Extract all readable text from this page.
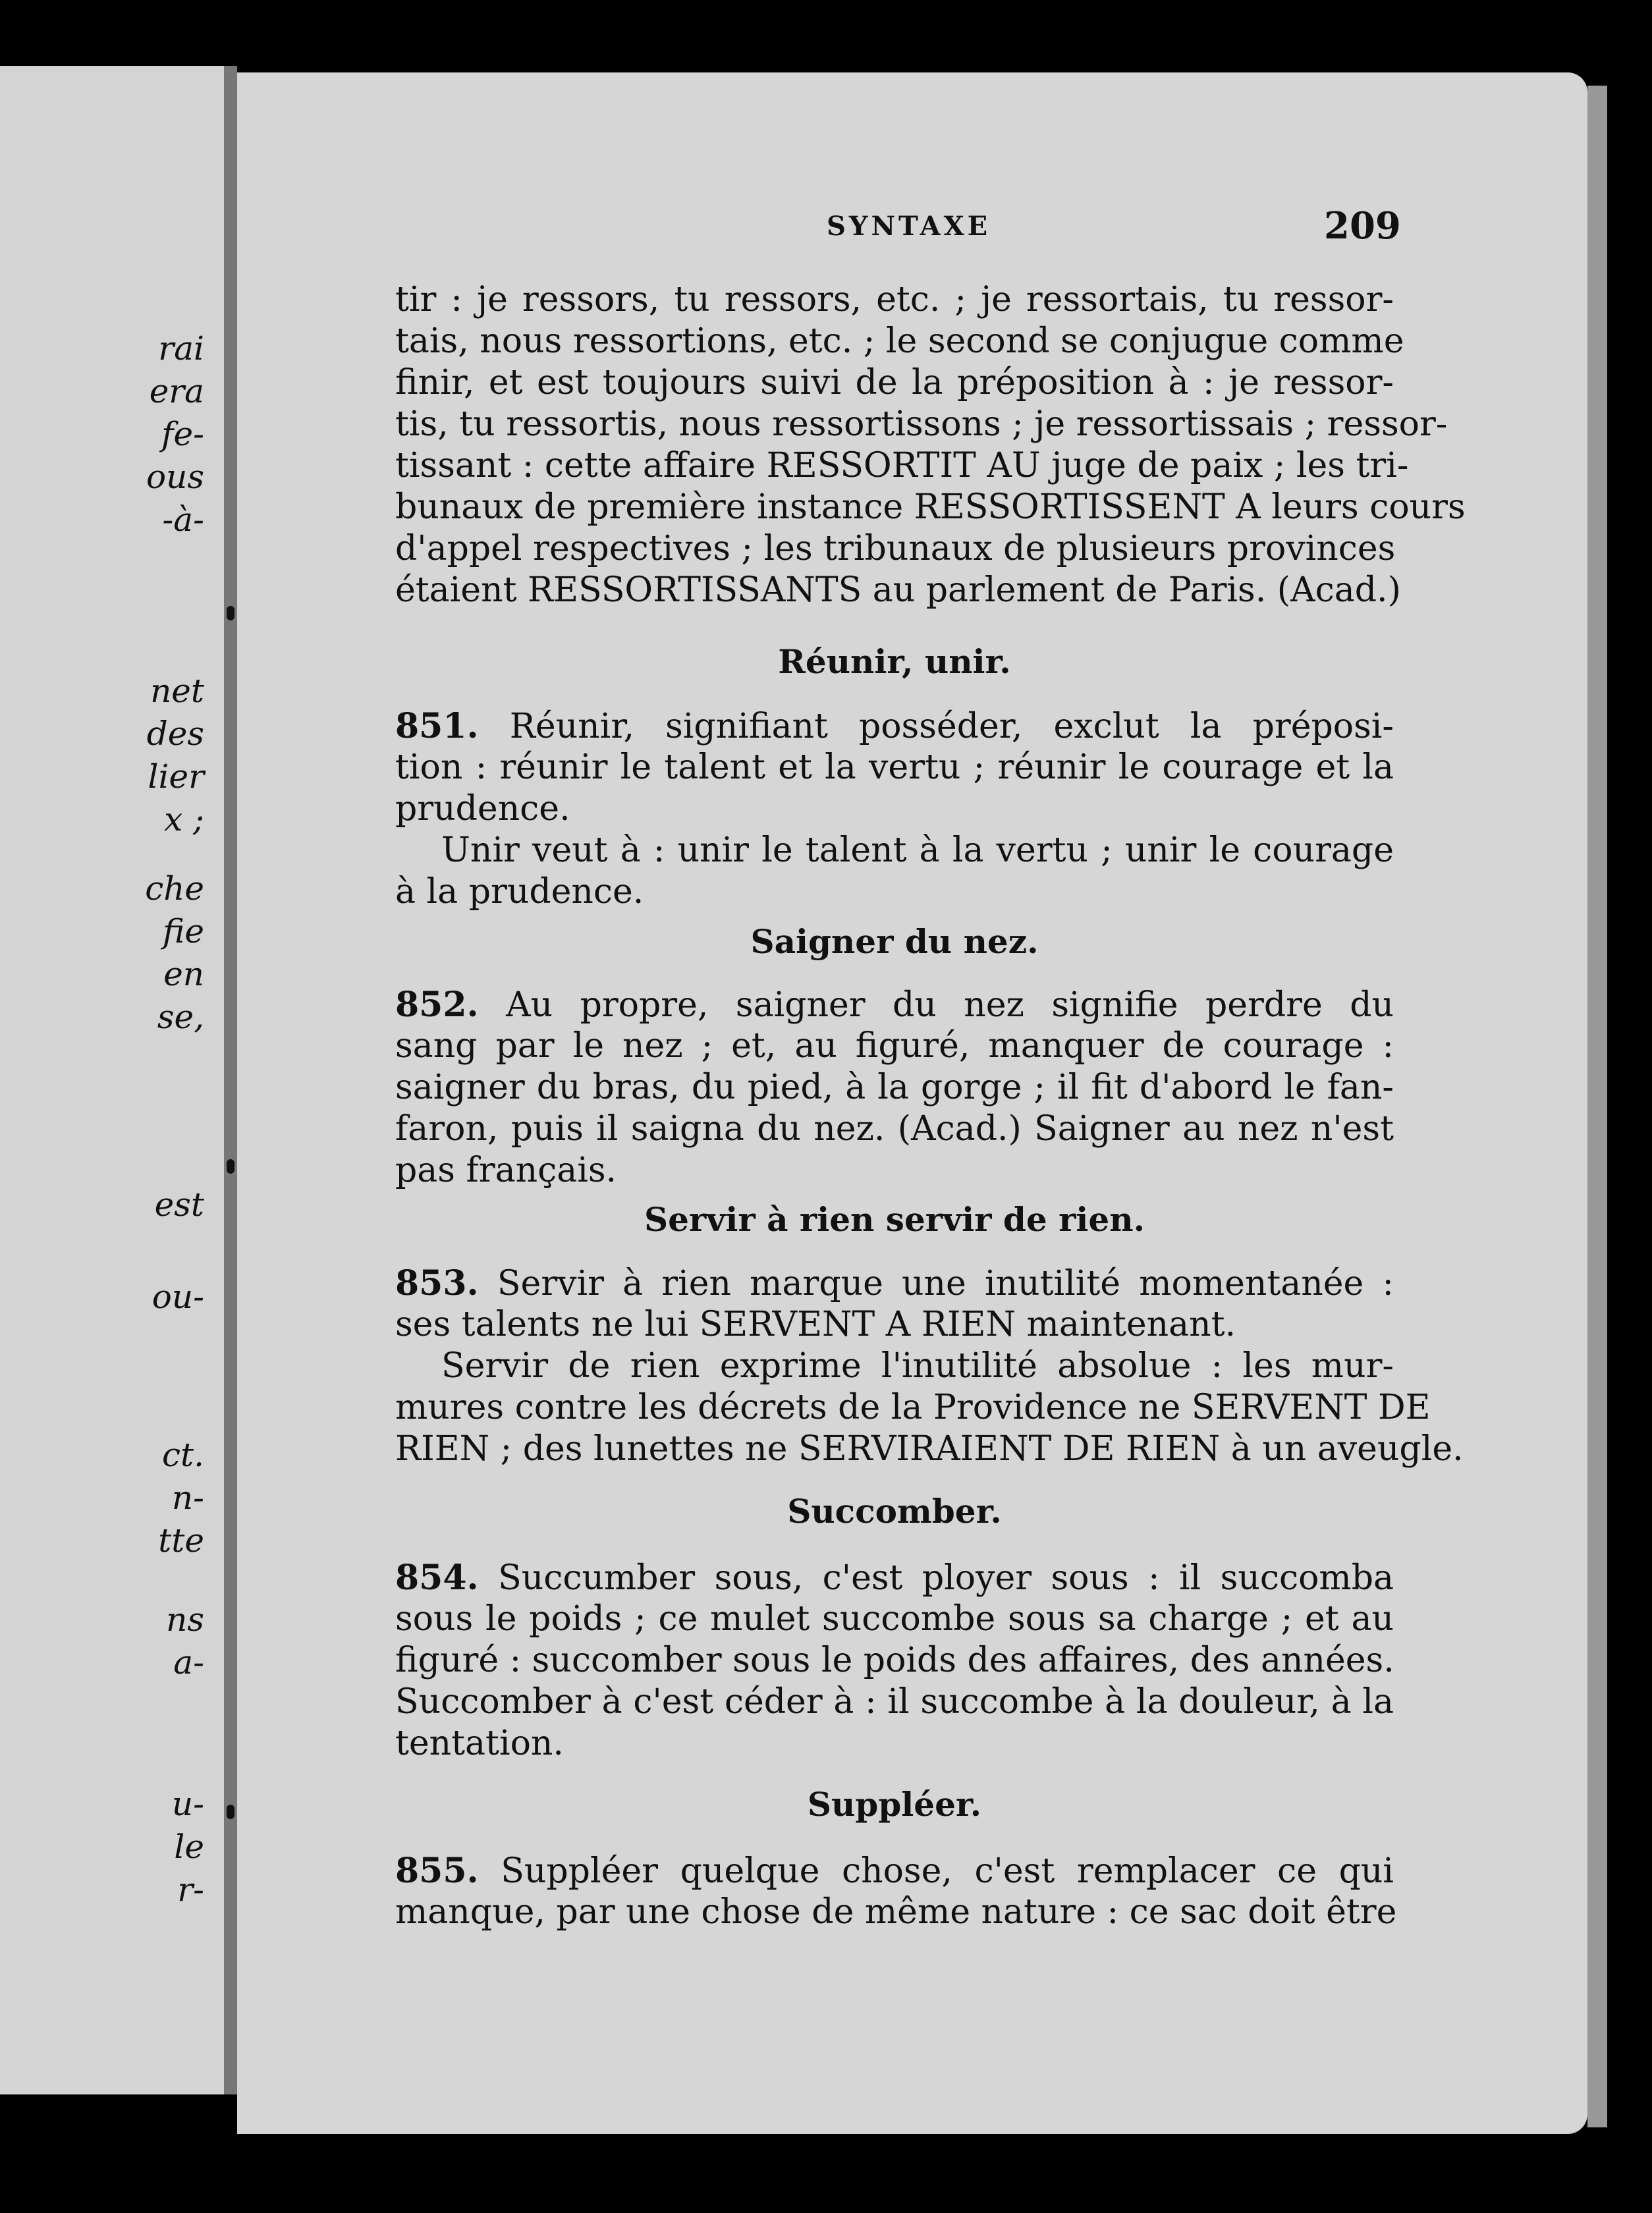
rai
era
fe-
ous
-à-
net
des
lier
x ;
che
fie
en
se,
est
ou-
ct.
n-
tte
ns
a-
u-
le
r-
SYNTAXE	209
tir : je ressors, tu ressors, etc. ; je ressortais, tu ressor-
tais, nous ressortions, etc. ; le second se conjugue comme
finir, et est toujours suivi de la préposition à : je ressor-
tis, tu ressortis, nous ressortissons ; je ressortissais ; ressor-
tissant : cette affaire RESSORTIT AU juge de paix ; les tri-
bunaux de première instance RESSORTISSENT A leurs cours
d'appel respectives ; les tribunaux de plusieurs provinces
étaient RESSORTISSANTS au parlement de Paris. (Acad.)
Réunir, unir.
851. Réunir, signifiant posséder, exclut la préposi-
tion : réunir le talent et la vertu ; réunir le courage et la
prudence.
Unir veut à : unir le talent à la vertu ; unir le courage
à la prudence.
Saigner du nez.
852. Au propre, saigner du nez signifie perdre du
sang par le nez ; et, au figuré, manquer de courage :
saigner du bras, du pied, à la gorge ; il fit d'abord le fan-
faron, puis il saigna du nez. (Acad.) Saigner au nez n'est
pas français.
Servir à rien servir de rien.
853. Servir à rien marque une inutilité momentanée :
ses talents ne lui SERVENT A RIEN maintenant.
Servir de rien exprime l'inutilité absolue : les mur-
mures contre les décrets de la Providence ne SERVENT DE
RIEN ; des lunettes ne SERVIRAIENT DE RIEN à un aveugle.
Succomber.
854. Succumber sous, c'est ployer sous : il succomba
sous le poids ; ce mulet succombe sous sa charge ; et au
figuré : succomber sous le poids des affaires, des années.
Succomber à c'est céder à : il succombe à la douleur, à la
tentation.
Suppléer.
855. Suppléer quelque chose, c'est remplacer ce qui
manque, par une chose de même nature : ce sac doit être
